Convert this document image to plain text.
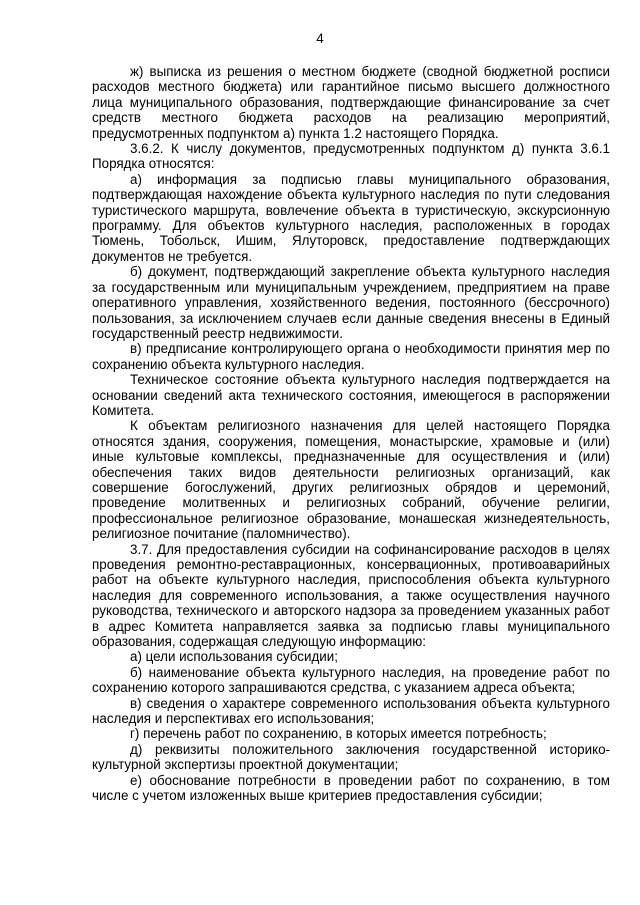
4

ж) выписка из решения о местном бюджете (сводной бюджетной росписи расходов местного бюджета) или гарантийное письмо высшего должностного лица муниципального образования, подтверждающие финансирование за счет средств местного бюджета расходов на реализацию мероприятий, предусмотренных подпунктом а) пункта 1.2 настоящего Порядка.

3.6.2. К числу документов, предусмотренных подпунктом д) пункта 3.6.1 Порядка относятся:

а) информация за подписью главы муниципального образования, подтверждающая нахождение объекта культурного наследия по пути следования туристического маршрута, вовлечение объекта в туристическую, экскурсионную программу. Для объектов культурного наследия, расположенных в городах Тюмень, Тобольск, Ишим, Ялуторовск, предоставление подтверждающих документов не требуется.

б) документ, подтверждающий закрепление объекта культурного наследия за государственным или муниципальным учреждением, предприятием на праве оперативного управления, хозяйственного ведения, постоянного (бессрочного) пользования, за исключением случаев если данные сведения внесены в Единый государственный реестр недвижимости.

в) предписание контролирующего органа о необходимости принятия мер по сохранению объекта культурного наследия.

Техническое состояние объекта культурного наследия подтверждается на основании сведений акта технического состояния, имеющегося в распоряжении Комитета.

К объектам религиозного назначения для целей настоящего Порядка относятся здания, сооружения, помещения, монастырские, храмовые и (или) иные культовые комплексы, предназначенные для осуществления и (или) обеспечения таких видов деятельности религиозных организаций, как совершение богослужений, других религиозных обрядов и церемоний, проведение молитвенных и религиозных собраний, обучение религии, профессиональное религиозное образование, монашеская жизнедеятельность, религиозное почитание (паломничество).

3.7. Для предоставления субсидии на софинансирование расходов в целях проведения ремонтно-реставрационных, консервационных, противоаварийных работ на объекте культурного наследия, приспособления объекта культурного наследия для современного использования, а также осуществления научного руководства, технического и авторского надзора за проведением указанных работ в адрес Комитета направляется заявка за подписью главы муниципального образования, содержащая следующую информацию:

а) цели использования субсидии;

б) наименование объекта культурного наследия, на проведение работ по сохранению которого запрашиваются средства, с указанием адреса объекта;

в) сведения о характере современного использования объекта культурного наследия и перспективах его использования;

г) перечень работ по сохранению, в которых имеется потребность;

д) реквизиты положительного заключения государственной историко-культурной экспертизы проектной документации;

е) обоснование потребности в проведении работ по сохранению, в том числе с учетом изложенных выше критериев предоставления субсидии;
